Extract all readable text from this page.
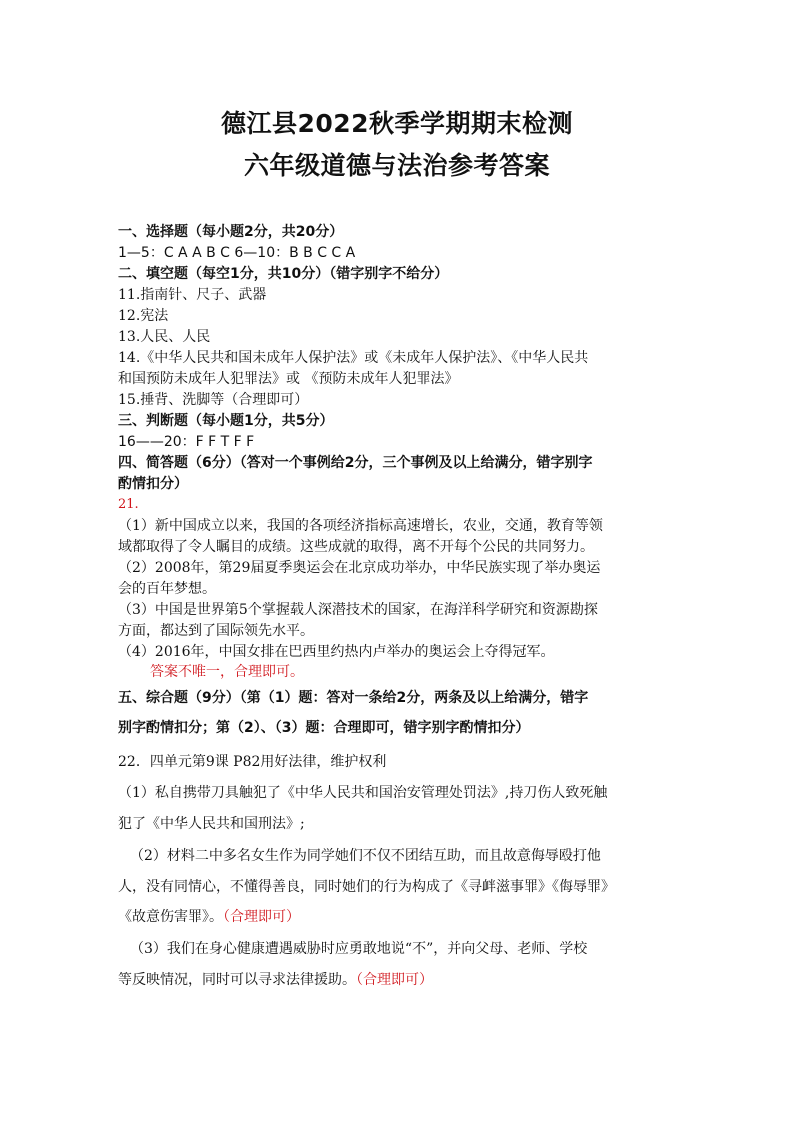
德江县2022秋季学期期末检测
六年级道德与法治参考答案
一、选择题（每小题2分，共20分）
1—5：C A A B C 6—10：B B C C A
二、填空题（每空1分，共10分）（错字别字不给分）
11.指南针、尺子、武器
12.宪法
13.人民、人民
14.《中华人民共和国未成年人保护法》或《未成年人保护法》、《中华人民共
和国预防未成年人犯罪法》或 《预防未成年人犯罪法》
15.捶背、洗脚等（合理即可）
三、判断题（每小题1分，共5分）
16——20：F F T F F
四、简答题（6分）（答对一个事例给2分，三个事例及以上给满分，错字别字
酌情扣分）
21.
（1）新中国成立以来，我国的各项经济指标高速增长，农业，交通，教育等领
域都取得了令人瞩目的成绩。这些成就的取得，离不开每个公民的共同努力。
（2）2008年，第29届夏季奥运会在北京成功举办，中华民族实现了举办奥运
会的百年梦想。
（3）中国是世界第5个掌握载人深潜技术的国家，在海洋科学研究和资源勘探
方面，都达到了国际领先水平。
（4）2016年，中国女排在巴西里约热内卢举办的奥运会上夺得冠军。
答案不唯一，合理即可。
五、综合题（9分）（第（1）题：答对一条给2分，两条及以上给满分，错字
别字酌情扣分；第（2）、（3）题：合理即可，错字别字酌情扣分）
22．四单元第9课 P82用好法律，维护权利
（1）私自携带刀具触犯了《中华人民共和国治安管理处罚法》,持刀伤人致死触
犯了《中华人民共和国刑法》;
（2）材料二中多名女生作为同学她们不仅不团结互助，而且故意侮辱殴打他
人，没有同情心，不懂得善良，同时她们的行为构成了《寻衅滋事罪》《侮辱罪》
《故意伤害罪》。（合理即可）
（3）我们在身心健康遭遇威胁时应勇敢地说“不”，并向父母、老师、学校
等反映情况，同时可以寻求法律援助。（合理即可）
